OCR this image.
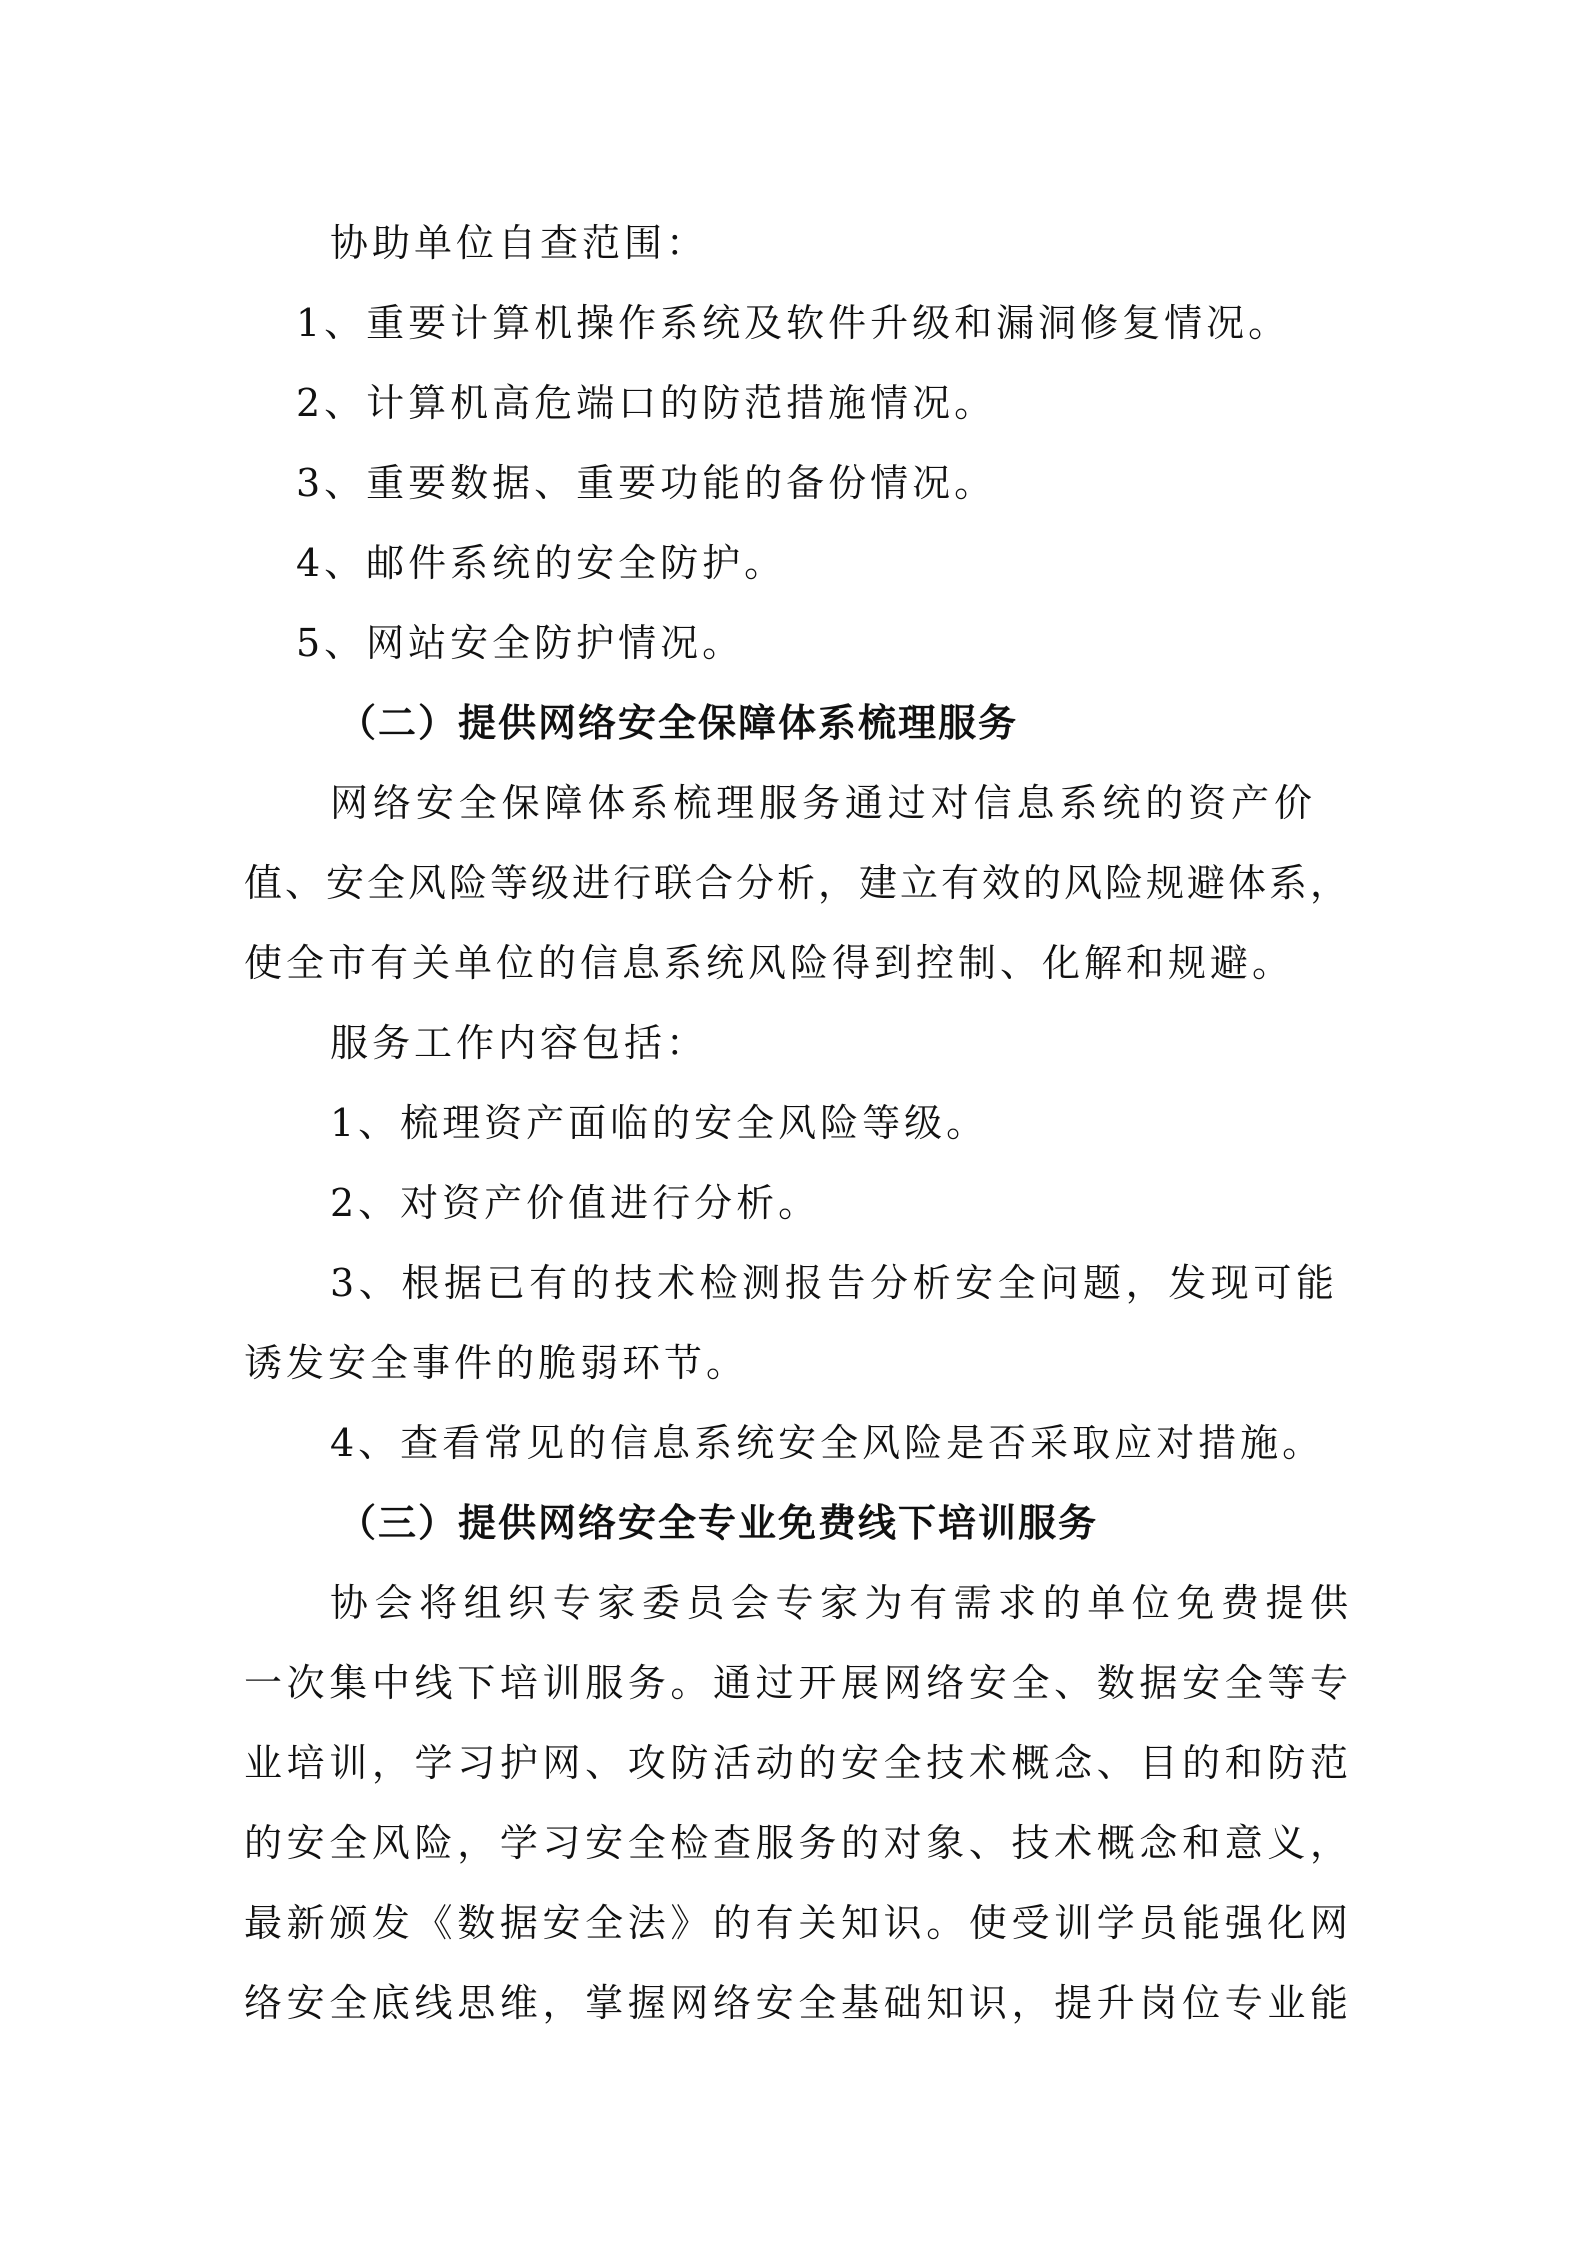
协助单位自查范围：
1、重要计算机操作系统及软件升级和漏洞修复情况。
2、计算机高危端口的防范措施情况。
3、重要数据、重要功能的备份情况。
4、邮件系统的安全防护。
5、网站安全防护情况。
（二）提供网络安全保障体系梳理服务
网络安全保障体系梳理服务通过对信息系统的资产价
值、安全风险等级进行联合分析，建立有效的风险规避体系，
使全市有关单位的信息系统风险得到控制、化解和规避。
服务工作内容包括：
1、梳理资产面临的安全风险等级。
2、对资产价值进行分析。
3、根据已有的技术检测报告分析安全问题，发现可能
诱发安全事件的脆弱环节。
4、查看常见的信息系统安全风险是否采取应对措施。
（三）提供网络安全专业免费线下培训服务
协会将组织专家委员会专家为有需求的单位免费提供
一次集中线下培训服务。通过开展网络安全、数据安全等专
业培训，学习护网、攻防活动的安全技术概念、目的和防范
的安全风险，学习安全检查服务的对象、技术概念和意义，
最新颁发《数据安全法》的有关知识。使受训学员能强化网
络安全底线思维，掌握网络安全基础知识，提升岗位专业能
